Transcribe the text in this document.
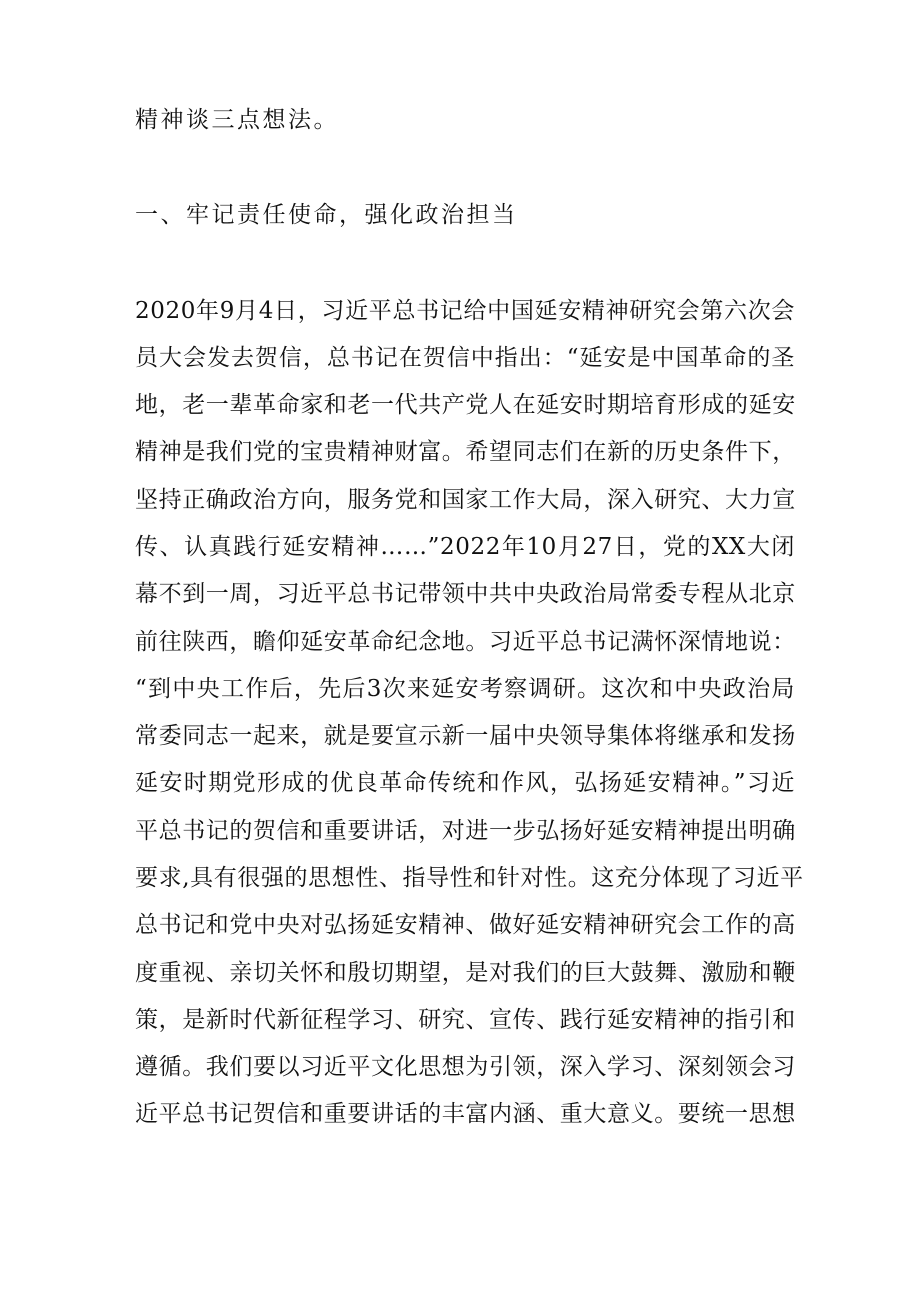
精神谈三点想法。
一、牢记责任使命，强化政治担当
2020年9月4日，习近平总书记给中国延安精神研究会第六次会
员大会发去贺信，总书记在贺信中指出：“延安是中国革命的圣
地，老一辈革命家和老一代共产党人在延安时期培育形成的延安
精神是我们党的宝贵精神财富。希望同志们在新的历史条件下，
坚持正确政治方向，服务党和国家工作大局，深入研究、大力宣
传、认真践行延安精神……”2022年10月27日，党的XX大闭
幕不到一周，习近平总书记带领中共中央政治局常委专程从北京
前往陕西，瞻仰延安革命纪念地。习近平总书记满怀深情地说：
“到中央工作后，先后3次来延安考察调研。这次和中央政治局
常委同志一起来，就是要宣示新一届中央领导集体将继承和发扬
延安时期党形成的优良革命传统和作风，弘扬延安精神。”习近
平总书记的贺信和重要讲话，对进一步弘扬好延安精神提出明确
要求,具有很强的思想性、指导性和针对性。这充分体现了习近平
总书记和党中央对弘扬延安精神、做好延安精神研究会工作的高
度重视、亲切关怀和殷切期望，是对我们的巨大鼓舞、激励和鞭
策，是新时代新征程学习、研究、宣传、践行延安精神的指引和
遵循。我们要以习近平文化思想为引领，深入学习、深刻领会习
近平总书记贺信和重要讲话的丰富内涵、重大意义。要统一思想
